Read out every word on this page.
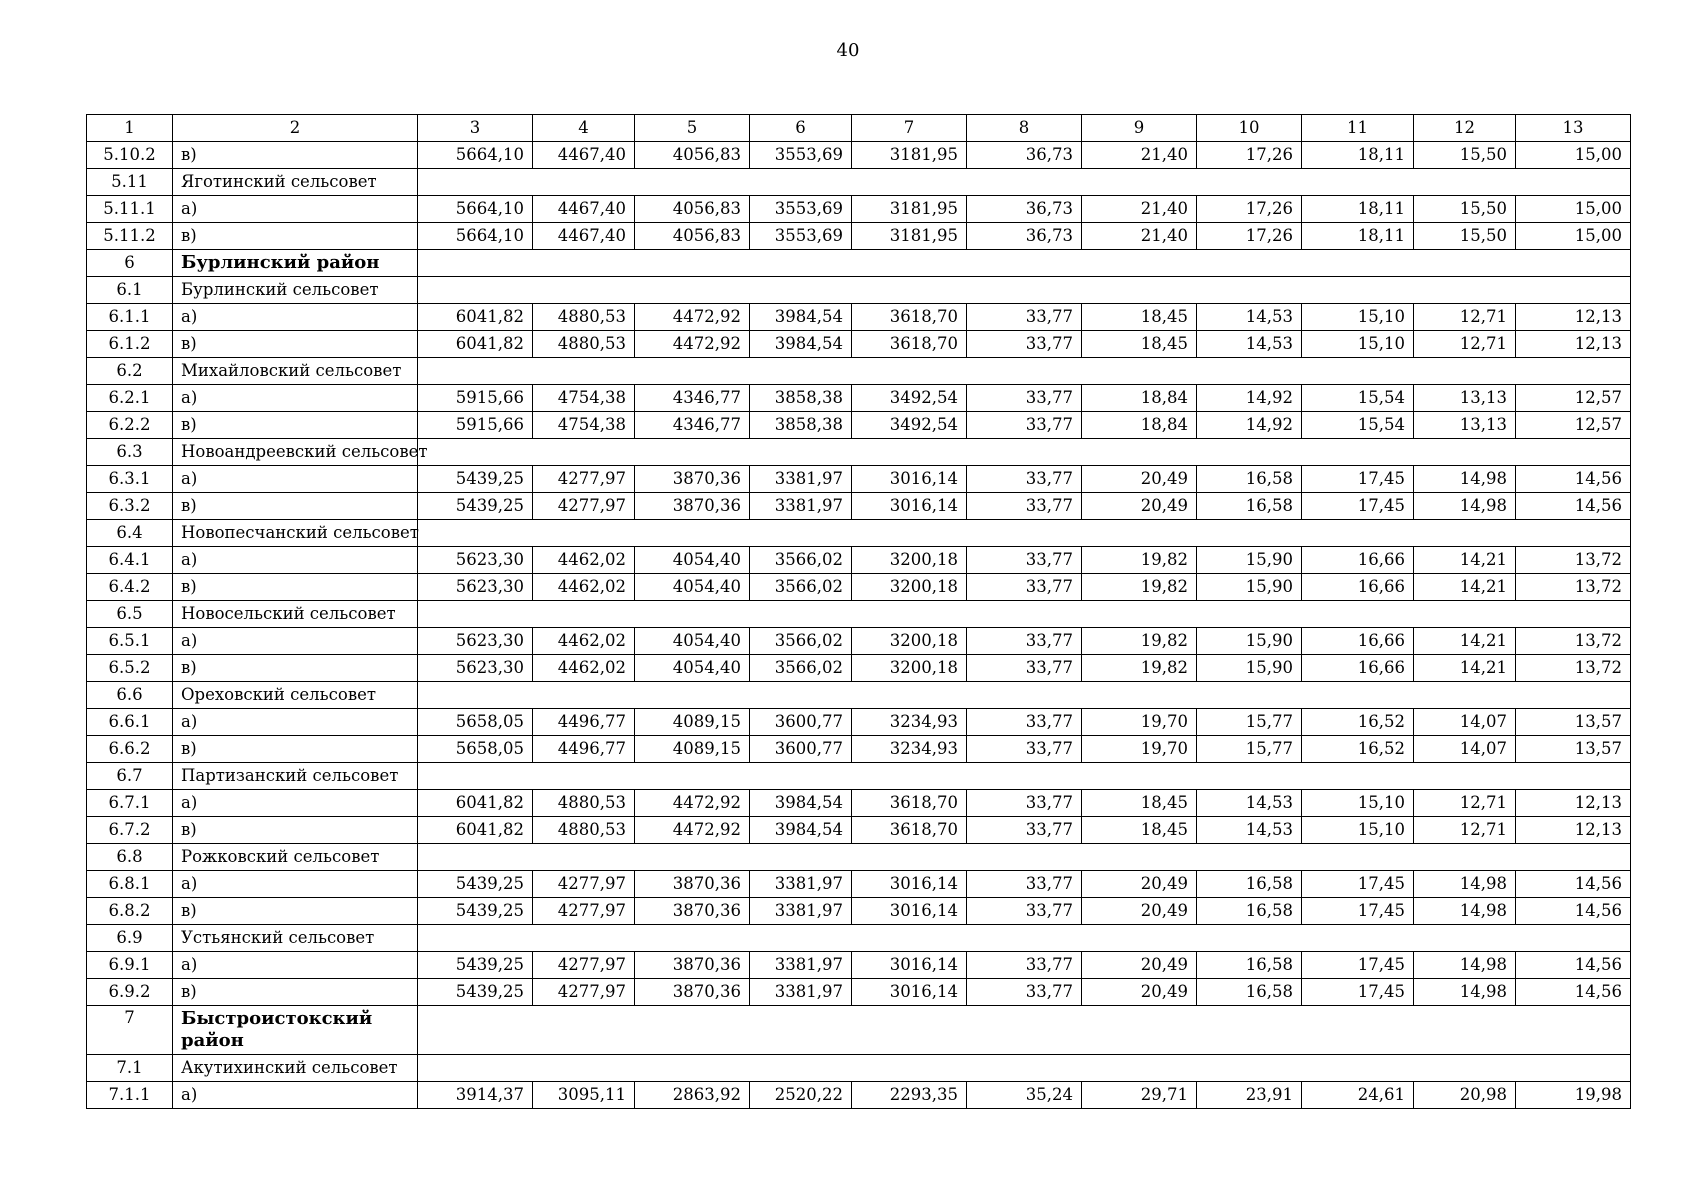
40
1	2	3	4	5	6	7	8	9	10	11	12	13
5.10.2	в)	5664,10	4467,40	4056,83	3553,69	3181,95	36,73	21,40	17,26	18,11	15,50	15,00
5.11	Яготинский сельсовет											
5.11.1	а)	5664,10	4467,40	4056,83	3553,69	3181,95	36,73	21,40	17,26	18,11	15,50	15,00
5.11.2	в)	5664,10	4467,40	4056,83	3553,69	3181,95	36,73	21,40	17,26	18,11	15,50	15,00
6	Бурлинский район											
6.1	Бурлинский сельсовет											
6.1.1	а)	6041,82	4880,53	4472,92	3984,54	3618,70	33,77	18,45	14,53	15,10	12,71	12,13
6.1.2	в)	6041,82	4880,53	4472,92	3984,54	3618,70	33,77	18,45	14,53	15,10	12,71	12,13
6.2	Михайловский сельсовет											
6.2.1	а)	5915,66	4754,38	4346,77	3858,38	3492,54	33,77	18,84	14,92	15,54	13,13	12,57
6.2.2	в)	5915,66	4754,38	4346,77	3858,38	3492,54	33,77	18,84	14,92	15,54	13,13	12,57
6.3	Новоандреевский сельсовет											
6.3.1	а)	5439,25	4277,97	3870,36	3381,97	3016,14	33,77	20,49	16,58	17,45	14,98	14,56
6.3.2	в)	5439,25	4277,97	3870,36	3381,97	3016,14	33,77	20,49	16,58	17,45	14,98	14,56
6.4	Новопесчанский сельсовет											
6.4.1	а)	5623,30	4462,02	4054,40	3566,02	3200,18	33,77	19,82	15,90	16,66	14,21	13,72
6.4.2	в)	5623,30	4462,02	4054,40	3566,02	3200,18	33,77	19,82	15,90	16,66	14,21	13,72
6.5	Новосельский сельсовет											
6.5.1	а)	5623,30	4462,02	4054,40	3566,02	3200,18	33,77	19,82	15,90	16,66	14,21	13,72
6.5.2	в)	5623,30	4462,02	4054,40	3566,02	3200,18	33,77	19,82	15,90	16,66	14,21	13,72
6.6	Ореховский сельсовет											
6.6.1	а)	5658,05	4496,77	4089,15	3600,77	3234,93	33,77	19,70	15,77	16,52	14,07	13,57
6.6.2	в)	5658,05	4496,77	4089,15	3600,77	3234,93	33,77	19,70	15,77	16,52	14,07	13,57
6.7	Партизанский сельсовет											
6.7.1	а)	6041,82	4880,53	4472,92	3984,54	3618,70	33,77	18,45	14,53	15,10	12,71	12,13
6.7.2	в)	6041,82	4880,53	4472,92	3984,54	3618,70	33,77	18,45	14,53	15,10	12,71	12,13
6.8	Рожковский сельсовет											
6.8.1	а)	5439,25	4277,97	3870,36	3381,97	3016,14	33,77	20,49	16,58	17,45	14,98	14,56
6.8.2	в)	5439,25	4277,97	3870,36	3381,97	3016,14	33,77	20,49	16,58	17,45	14,98	14,56
6.9	Устьянский сельсовет											
6.9.1	а)	5439,25	4277,97	3870,36	3381,97	3016,14	33,77	20,49	16,58	17,45	14,98	14,56
6.9.2	в)	5439,25	4277,97	3870,36	3381,97	3016,14	33,77	20,49	16,58	17,45	14,98	14,56
7	Быстроистокский район											
7.1	Акутихинский сельсовет											
7.1.1	а)	3914,37	3095,11	2863,92	2520,22	2293,35	35,24	29,71	23,91	24,61	20,98	19,98
